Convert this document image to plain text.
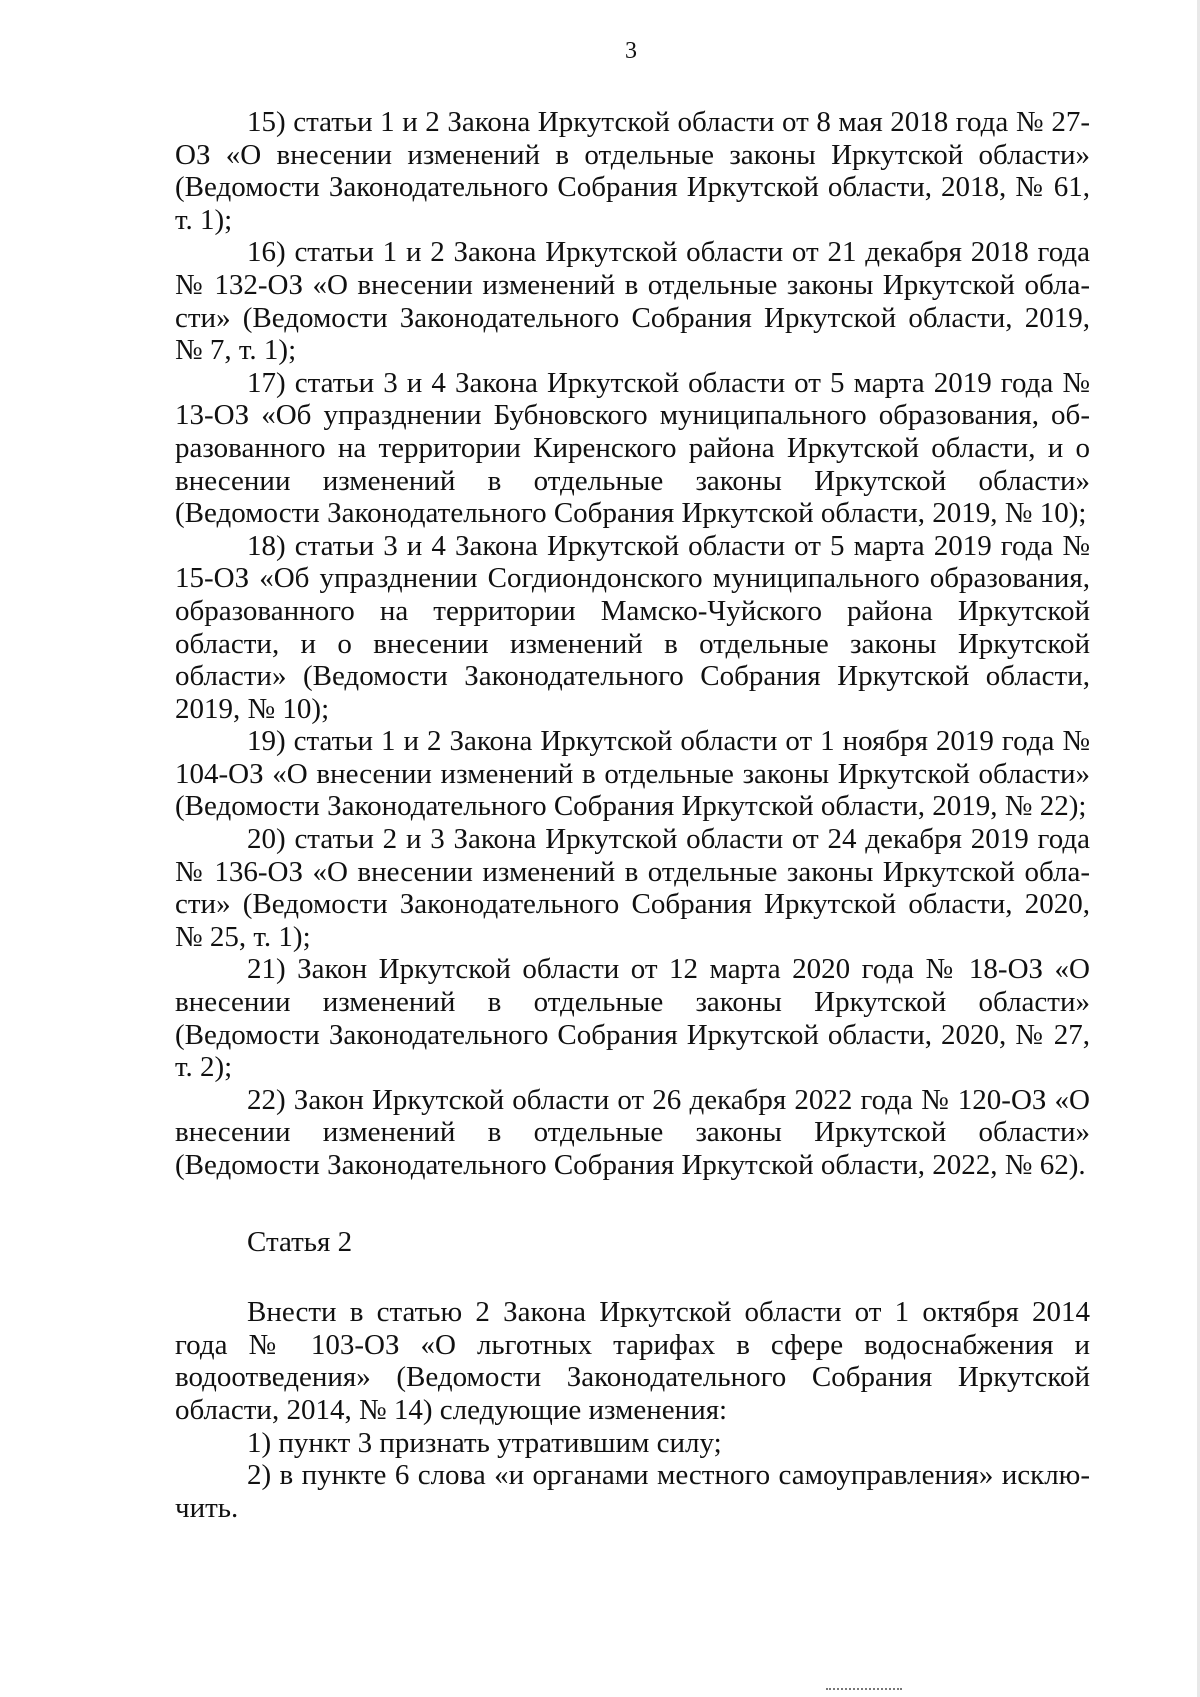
3

15) статьи 1 и 2 Закона Иркутской области от 8 мая 2018 года № 27-ОЗ «О внесении изменений в отдельные законы Иркутской области» (Ведомости Законодательного Собрания Иркутской области, 2018, № 61, т. 1);

16) статьи 1 и 2 Закона Иркутской области от 21 декабря 2018 года № 132-ОЗ «О внесении изменений в отдельные законы Иркутской области» (Ведомости Законодательного Собрания Иркутской области, 2019, № 7, т. 1);

17) статьи 3 и 4 Закона Иркутской области от 5 марта 2019 года № 13-ОЗ «Об упразднении Бубновского муниципального образования, образованного на территории Киренского района Иркутской области, и о внесении изменений в отдельные законы Иркутской области» (Ведомости Законодательного Собрания Иркутской области, 2019, № 10);

18) статьи 3 и 4 Закона Иркутской области от 5 марта 2019 года № 15-ОЗ «Об упразднении Согдиондонского муниципального образования, образованного на территории Мамско-Чуйского района Иркутской области, и о внесении изменений в отдельные законы Иркутской области» (Ведомости Законодательного Собрания Иркутской области, 2019, № 10);

19) статьи 1 и 2 Закона Иркутской области от 1 ноября 2019 года № 104-ОЗ «О внесении изменений в отдельные законы Иркутской области» (Ведомости Законодательного Собрания Иркутской области, 2019, № 22);

20) статьи 2 и 3 Закона Иркутской области от 24 декабря 2019 года № 136-ОЗ «О внесении изменений в отдельные законы Иркутской области» (Ведомости Законодательного Собрания Иркутской области, 2020, № 25, т. 1);

21) Закон Иркутской области от 12 марта 2020 года № 18-ОЗ «О внесении изменений в отдельные законы Иркутской области» (Ведомости Законодательного Собрания Иркутской области, 2020, № 27, т. 2);

22) Закон Иркутской области от 26 декабря 2022 года № 120-ОЗ «О внесении изменений в отдельные законы Иркутской области» (Ведомости Законодательного Собрания Иркутской области, 2022, № 62).

Статья 2

Внести в статью 2 Закона Иркутской области от 1 октября 2014 года № 103-ОЗ «О льготных тарифах в сфере водоснабжения и водоотведения» (Ведомости Законодательного Собрания Иркутской области, 2014, № 14) следующие изменения:

1) пункт 3 признать утратившим силу;

2) в пункте 6 слова «и органами местного самоуправления» исключить.
